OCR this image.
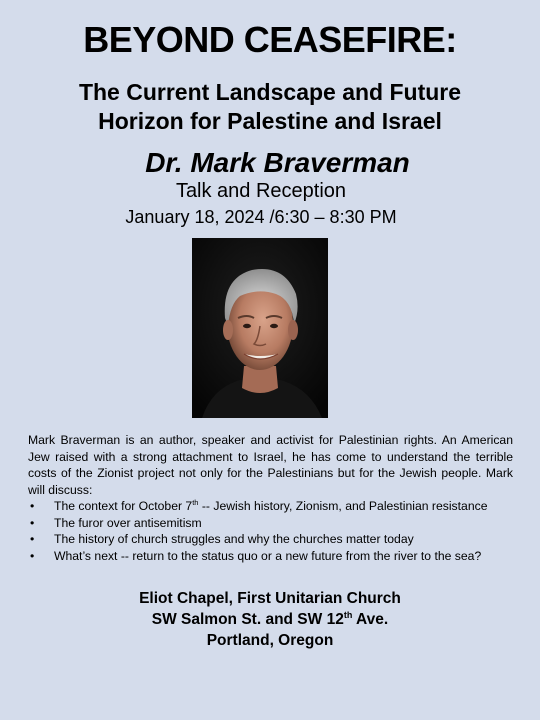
BEYOND CEASEFIRE:
The Current Landscape and Future
Horizon for Palestine and Israel
Dr. Mark Braverman
Talk and Reception
January 18, 2024 /6:30 – 8:30 PM
Mark Braverman is an author, speaker and activist for Palestinian rights. An American Jew raised with a strong attachment to Israel, he has come to understand the terrible costs of the Zionist project not only for the Palestinians but for the Jewish people. Mark will discuss:
• The context for October 7th -- Jewish history, Zionism, and Palestinian resistance
• The furor over antisemitism
• The history of church struggles and why the churches matter today
• What’s next -- return to the status quo or a new future from the river to the sea?
Eliot Chapel, First Unitarian Church
SW Salmon St. and SW 12th Ave.
Portland, Oregon
